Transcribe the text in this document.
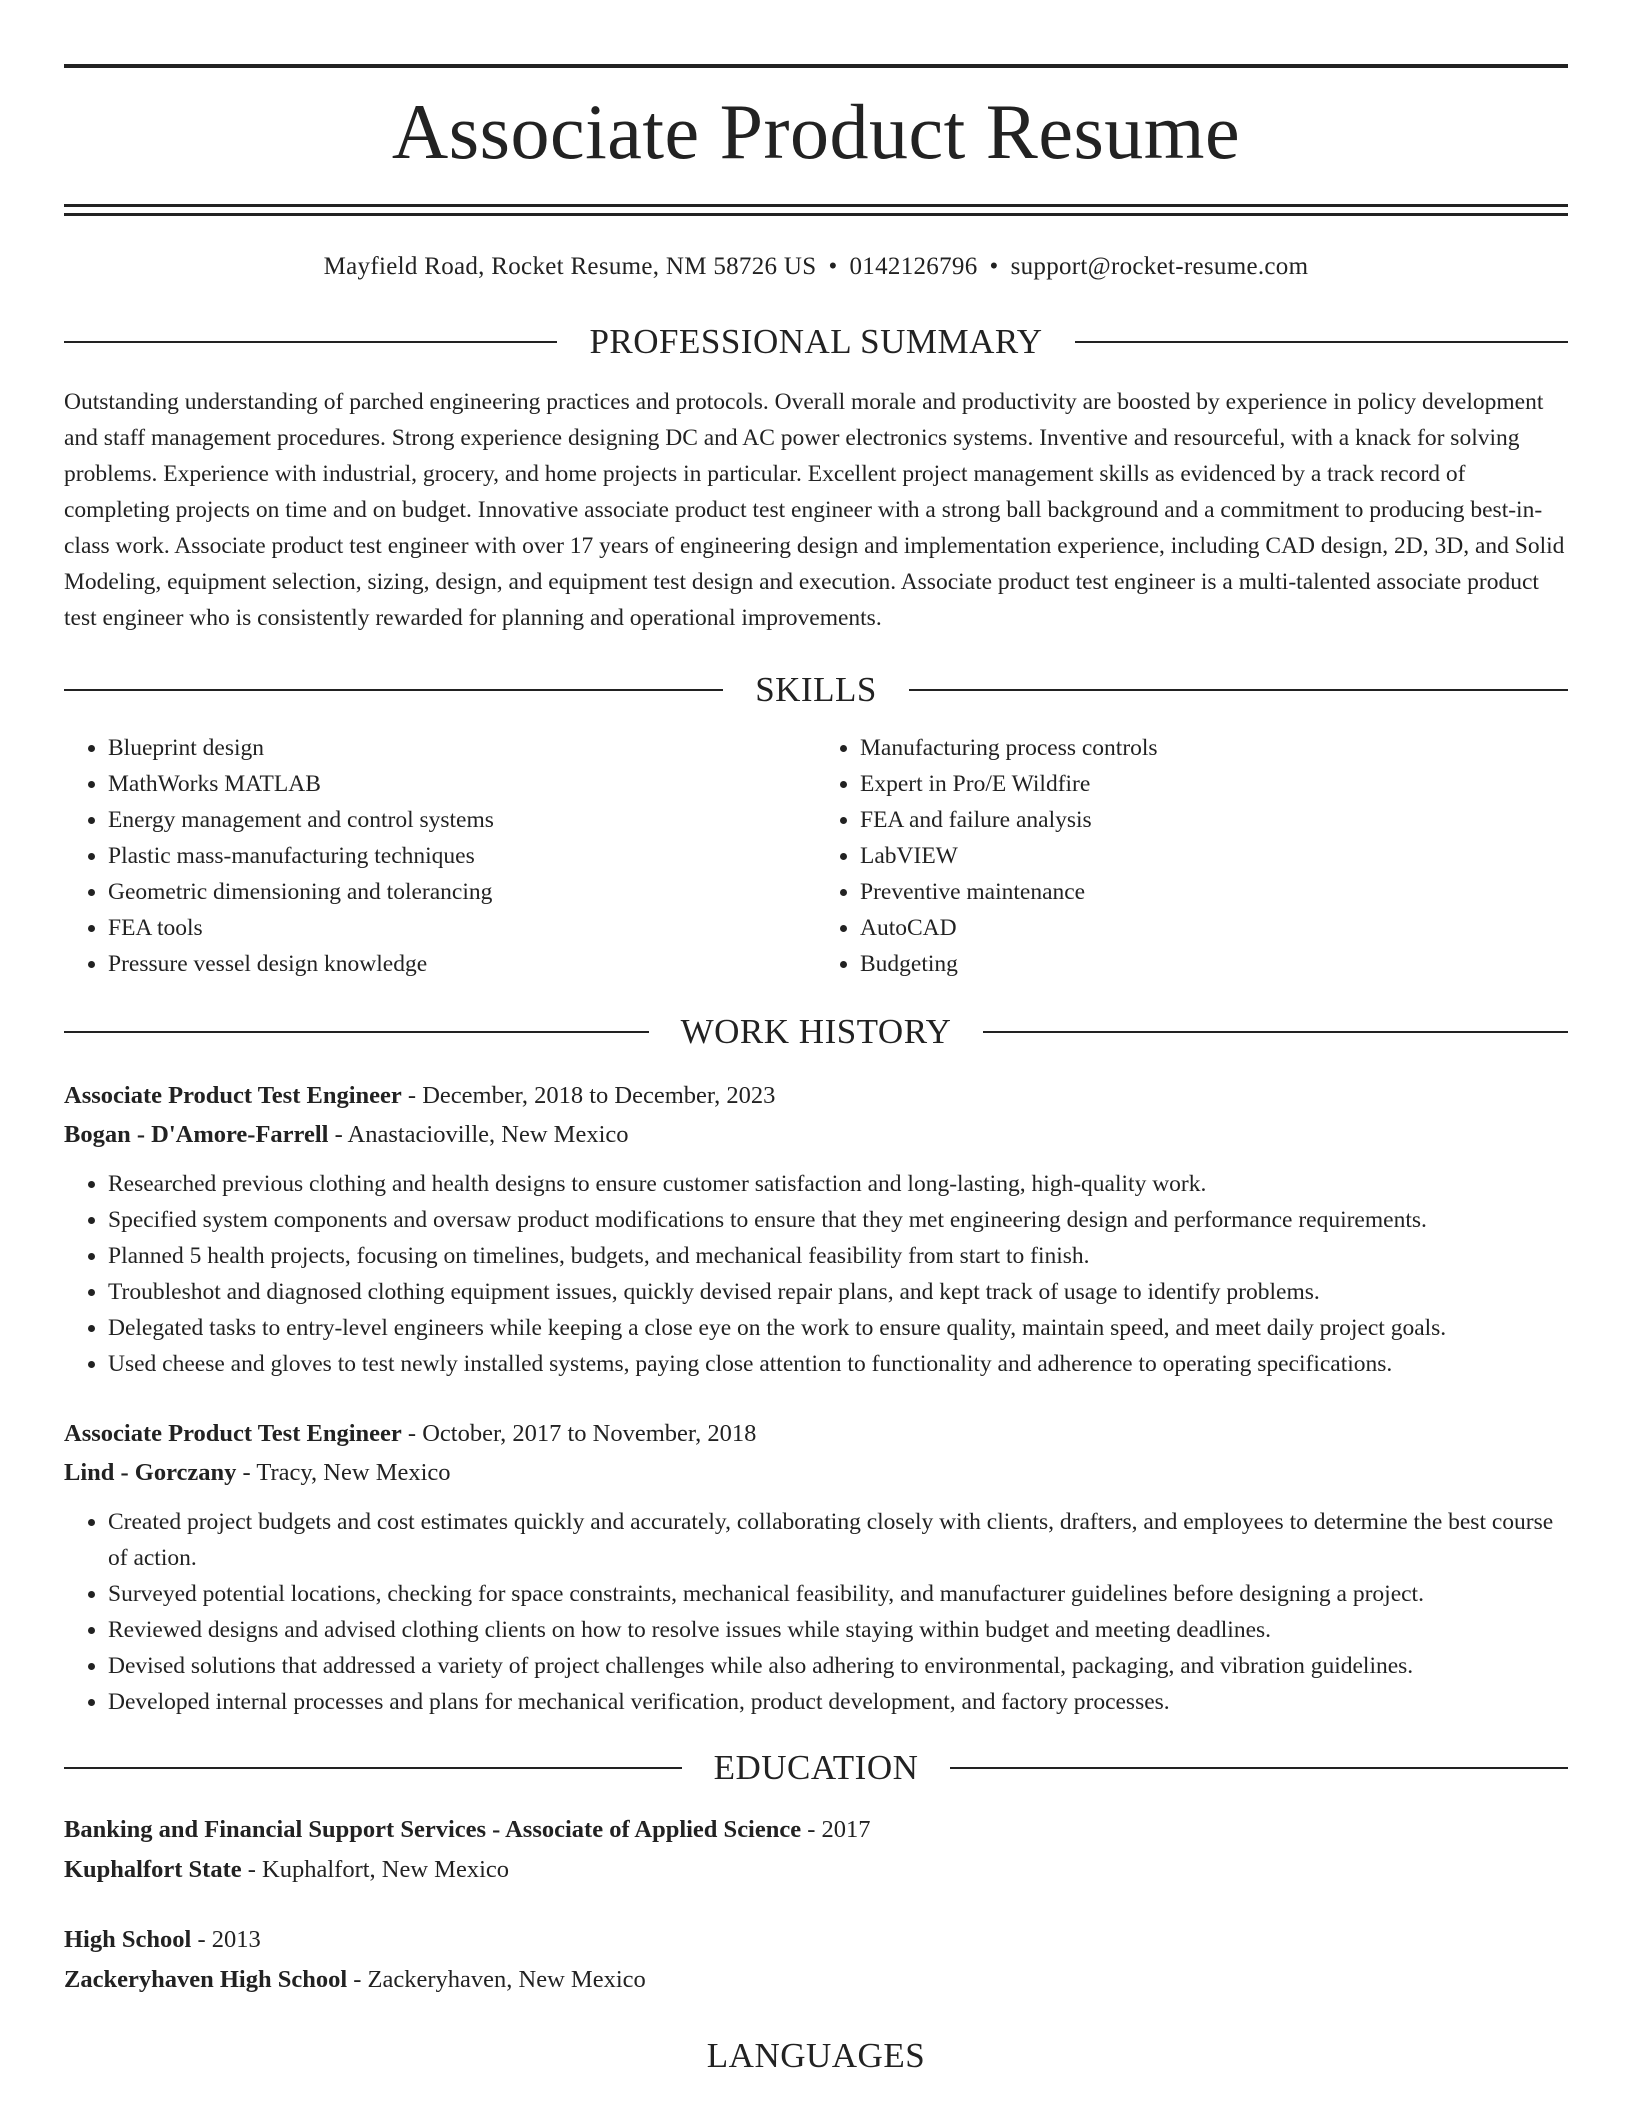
Associate Product Resume
Mayfield Road, Rocket Resume, NM 58726 US • 0142126796 • support@rocket-resume.com
PROFESSIONAL SUMMARY
Outstanding understanding of parched engineering practices and protocols. Overall morale and productivity are boosted by experience in policy development and staff management procedures. Strong experience designing DC and AC power electronics systems. Inventive and resourceful, with a knack for solving problems. Experience with industrial, grocery, and home projects in particular. Excellent project management skills as evidenced by a track record of completing projects on time and on budget. Innovative associate product test engineer with a strong ball background and a commitment to producing best-in-class work. Associate product test engineer with over 17 years of engineering design and implementation experience, including CAD design, 2D, 3D, and Solid Modeling, equipment selection, sizing, design, and equipment test design and execution. Associate product test engineer is a multi-talented associate product test engineer who is consistently rewarded for planning and operational improvements.
SKILLS
• Blueprint design
• MathWorks MATLAB
• Energy management and control systems
• Plastic mass-manufacturing techniques
• Geometric dimensioning and tolerancing
• FEA tools
• Pressure vessel design knowledge
• Manufacturing process controls
• Expert in Pro/E Wildfire
• FEA and failure analysis
• LabVIEW
• Preventive maintenance
• AutoCAD
• Budgeting
WORK HISTORY
Associate Product Test Engineer - December, 2018 to December, 2023
Bogan - D'Amore-Farrell - Anastacioville, New Mexico
• Researched previous clothing and health designs to ensure customer satisfaction and long-lasting, high-quality work.
• Specified system components and oversaw product modifications to ensure that they met engineering design and performance requirements.
• Planned 5 health projects, focusing on timelines, budgets, and mechanical feasibility from start to finish.
• Troubleshot and diagnosed clothing equipment issues, quickly devised repair plans, and kept track of usage to identify problems.
• Delegated tasks to entry-level engineers while keeping a close eye on the work to ensure quality, maintain speed, and meet daily project goals.
• Used cheese and gloves to test newly installed systems, paying close attention to functionality and adherence to operating specifications.
Associate Product Test Engineer - October, 2017 to November, 2018
Lind - Gorczany - Tracy, New Mexico
• Created project budgets and cost estimates quickly and accurately, collaborating closely with clients, drafters, and employees to determine the best course of action.
• Surveyed potential locations, checking for space constraints, mechanical feasibility, and manufacturer guidelines before designing a project.
• Reviewed designs and advised clothing clients on how to resolve issues while staying within budget and meeting deadlines.
• Devised solutions that addressed a variety of project challenges while also adhering to environmental, packaging, and vibration guidelines.
• Developed internal processes and plans for mechanical verification, product development, and factory processes.
EDUCATION
Banking and Financial Support Services - Associate of Applied Science - 2017
Kuphalfort State - Kuphalfort, New Mexico
High School - 2013
Zackeryhaven High School - Zackeryhaven, New Mexico
LANGUAGES
